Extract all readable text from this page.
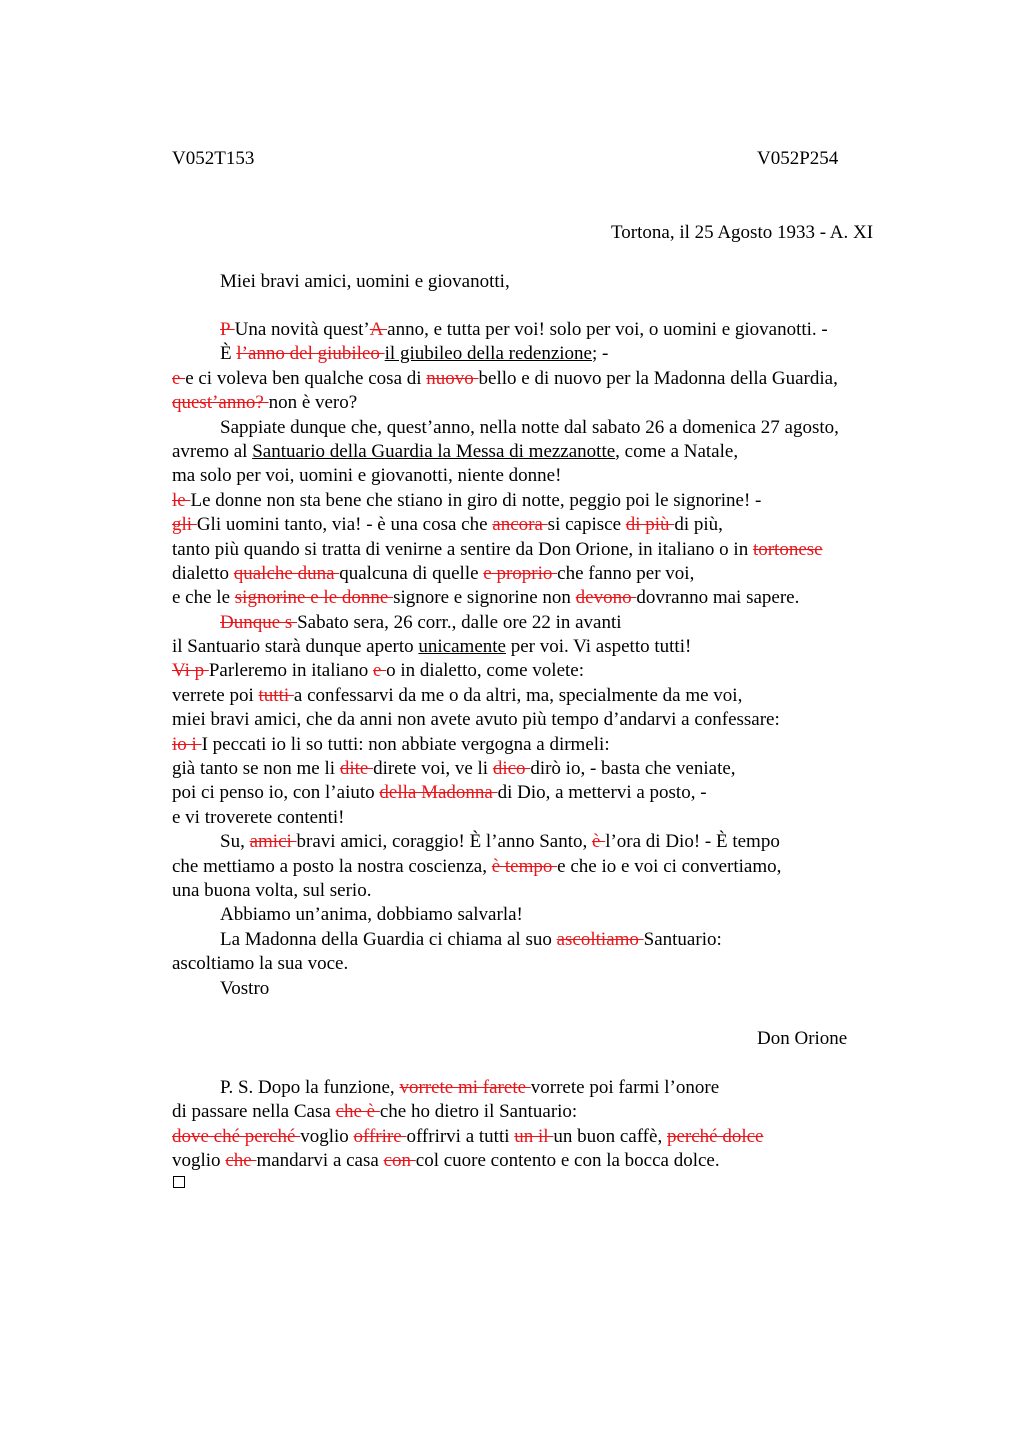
V052T153	V052P254
Tortona, il 25 Agosto 1933 - A. XI
Miei bravi amici, uomini e giovanotti,
P Una novità quest’A anno, e tutta per voi! solo per voi, o uomini e giovanotti. -
È l’anno del giubileo il giubileo della redenzione; -
e e ci voleva ben qualche cosa di nuovo bello e di nuovo per la Madonna della Guardia,
quest’anno? non è vero?
Sappiate dunque che, quest’anno, nella notte dal sabato 26 a domenica 27 agosto,
avremo al Santuario della Guardia la Messa di mezzanotte, come a Natale,
ma solo per voi, uomini e giovanotti, niente donne!
le Le donne non sta bene che stiano in giro di notte, peggio poi le signorine! -
gli Gli uomini tanto, via! - è una cosa che ancora si capisce di più di più,
tanto più quando si tratta di venirne a sentire da Don Orione, in italiano o in tortonese
dialetto qualche duna qualcuna di quelle e proprio che fanno per voi,
e che le signorine e le donne signore e signorine non devono dovranno mai sapere.
Dunque s Sabato sera, 26 corr., dalle ore 22 in avanti
il Santuario starà dunque aperto unicamente per voi. Vi aspetto tutti!
Vi p Parleremo in italiano e o in dialetto, come volete:
verrete poi tutti a confessarvi da me o da altri, ma, specialmente da me voi,
miei bravi amici, che da anni non avete avuto più tempo d’andarvi a confessare:
io i I peccati io li so tutti: non abbiate vergogna a dirmeli:
già tanto se non me li dite direte voi, ve li dico dirò io, - basta che veniate,
poi ci penso io, con l’aiuto della Madonna di Dio, a mettervi a posto, -
e vi troverete contenti!
Su, amici bravi amici, coraggio! È l’anno Santo, è l’ora di Dio! - È tempo
che mettiamo a posto la nostra coscienza, è tempo e che io e voi ci convertiamo,
una buona volta, sul serio.
Abbiamo un’anima, dobbiamo salvarla!
La Madonna della Guardia ci chiama al suo ascoltiamo Santuario:
ascoltiamo la sua voce.
Vostro
Don Orione
P. S. Dopo la funzione, vorrete mi farete vorrete poi farmi l’onore
di passare nella Casa che è che ho dietro il Santuario:
dove ché perché voglio offrire offrirvi a tutti un il un buon caffè, perché dolce
voglio che mandarvi a casa con col cuore contento e con la bocca dolce.
